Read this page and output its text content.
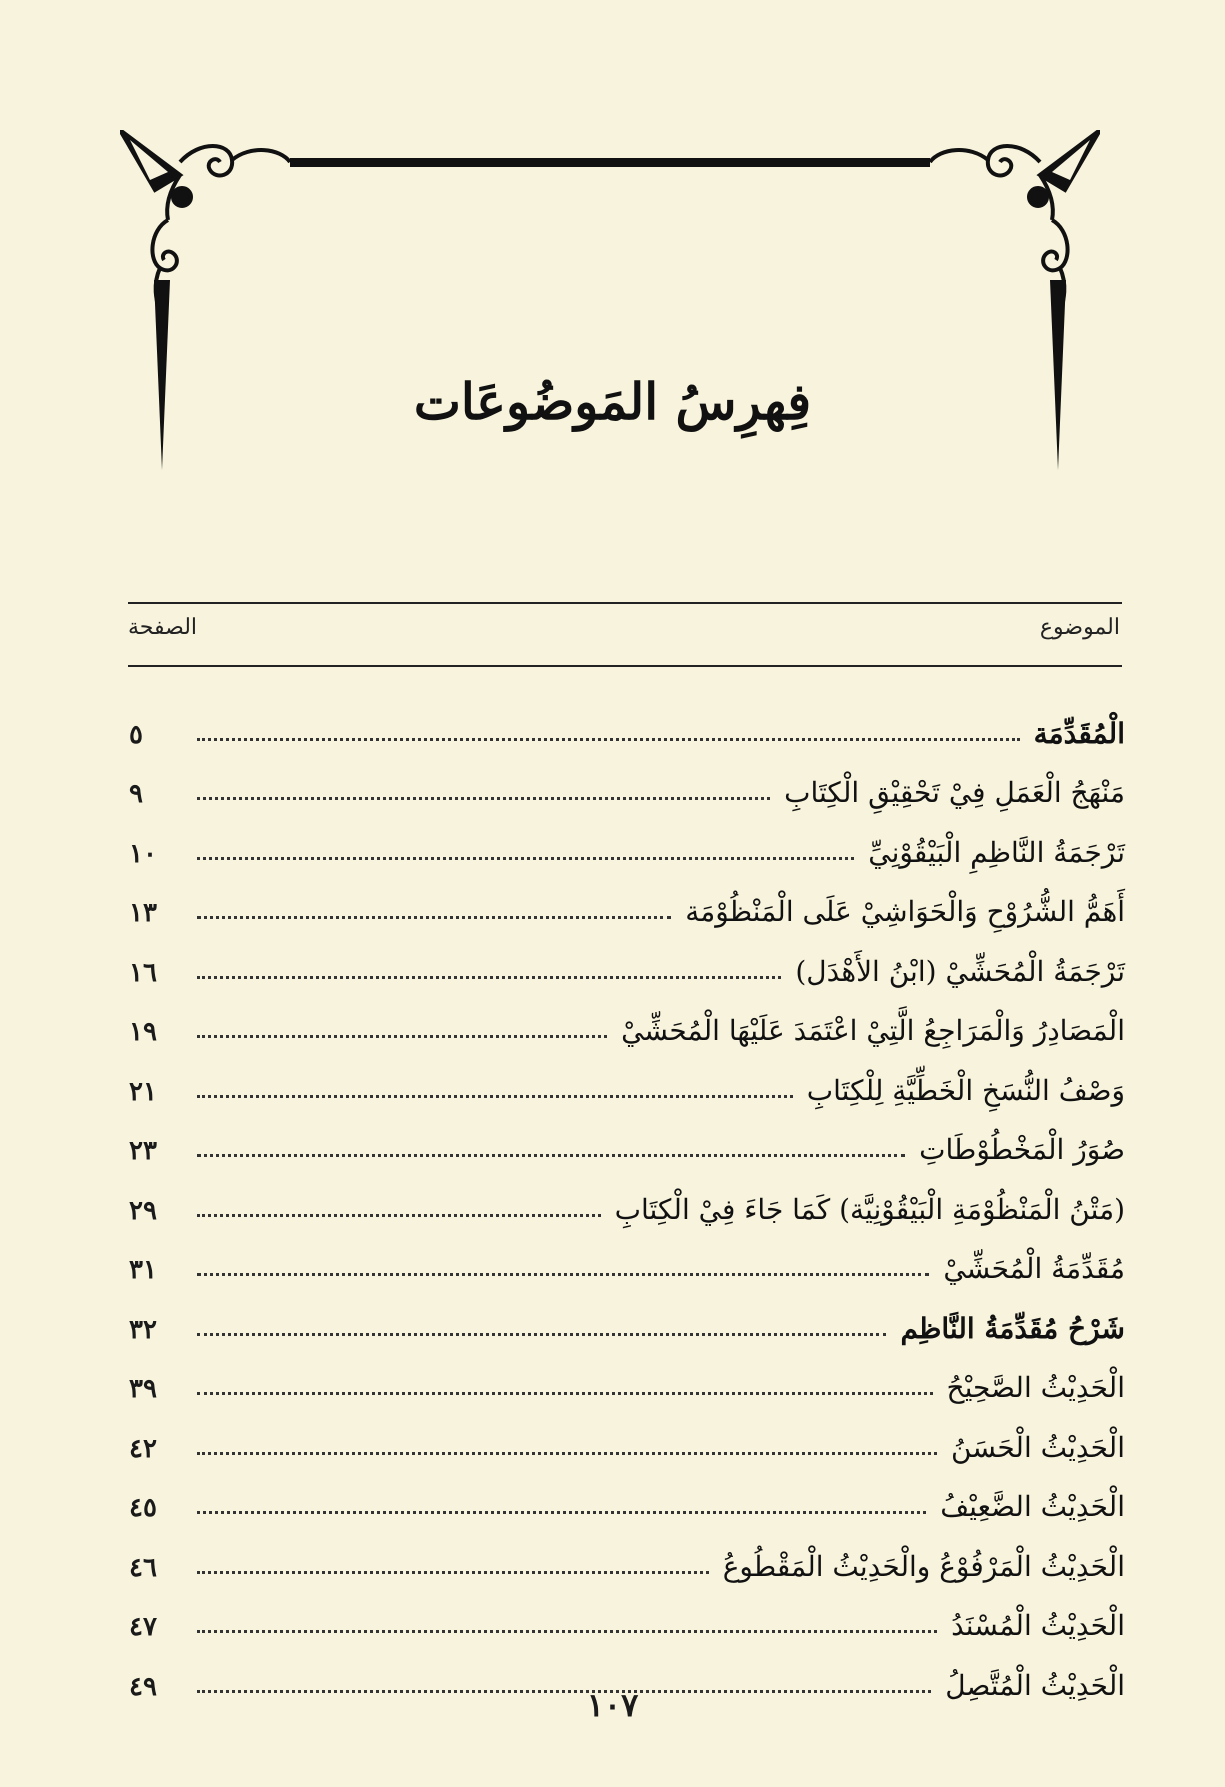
فِهرِسُ المَوضُوعَات
الموضوع
الصفحة
الْمُقَدِّمَة
٥
مَنْهَجُ الْعَمَلِ فِيْ تَحْقِيْقِ الْكِتَابِ
٩
تَرْجَمَةُ النَّاظِمِ الْبَيْقُوْنِيِّ
١٠
أَهَمُّ الشُّرُوْحِ وَالْحَوَاشِيْ عَلَى الْمَنْظُوْمَة
١٣
تَرْجَمَةُ الْمُحَشِّيْ (ابْنُ الأَهْدَل)
١٦
الْمَصَادِرُ وَالْمَرَاجِعُ الَّتِيْ اعْتَمَدَ عَلَيْهَا الْمُحَشِّيْ
١٩
وَصْفُ النُّسَخِ الْخَطِّيَّةِ لِلْكِتَابِ
٢١
صُوَرُ الْمَخْطُوْطَاتِ
٢٣
(مَتْنُ الْمَنْظُوْمَةِ الْبَيْقُوْنِيَّة) كَمَا جَاءَ فِيْ الْكِتَابِ
٢٩
مُقَدِّمَةُ الْمُحَشِّيْ
٣١
شَرْحُ مُقَدِّمَةُ النَّاظِم
٣٢
الْحَدِيْثُ الصَّحِيْحُ
٣٩
الْحَدِيْثُ الْحَسَنُ
٤٢
الْحَدِيْثُ الضَّعِيْفُ
٤٥
الْحَدِيْثُ الْمَرْفُوْعُ والْحَدِيْثُ الْمَقْطُوعُ
٤٦
الْحَدِيْثُ الْمُسْنَدُ
٤٧
الْحَدِيْثُ الْمُتَّصِلُ
٤٩	١٠٧
